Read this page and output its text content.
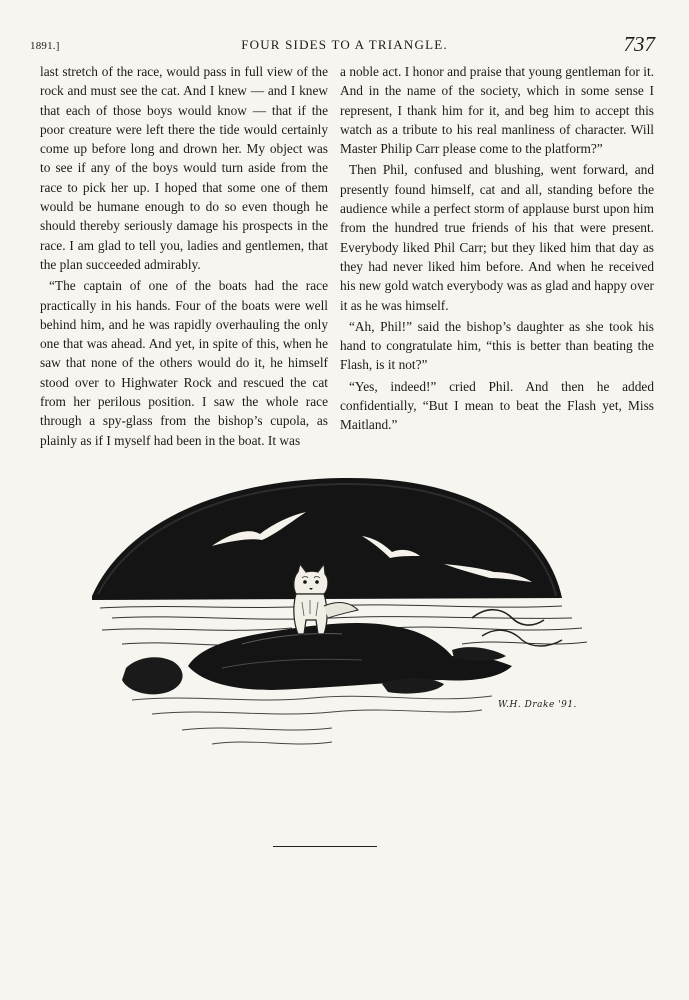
1891.]	FOUR SIDES TO A TRIANGLE.	737

last stretch of the race, would pass in full view of the rock and must see the cat. And I knew — and I knew that each of those boys would know — that if the poor creature were left there the tide would certainly come up before long and drown her. My object was to see if any of the boys would turn aside from the race to pick her up. I hoped that some one of them would be humane enough to do so even though he should thereby seriously damage his prospects in the race. I am glad to tell you, ladies and gentlemen, that the plan succeeded admirably.

“The captain of one of the boats had the race practically in his hands. Four of the boats were well behind him, and he was rapidly overhauling the only one that was ahead. And yet, in spite of this, when he saw that none of the others would do it, he himself stood over to Highwater Rock and rescued the cat from her perilous position. I saw the whole race through a spy-glass from the bishop’s cupola, as plainly as if I myself had been in the boat. It was

a noble act. I honor and praise that young gentleman for it. And in the name of the society, which in some sense I represent, I thank him for it, and beg him to accept this watch as a tribute to his real manliness of character. Will Master Philip Carr please come to the platform?”

Then Phil, confused and blushing, went forward, and presently found himself, cat and all, standing before the audience while a perfect storm of applause burst upon him from the hundred true friends of his that were present. Everybody liked Phil Carr; but they liked him that day as they had never liked him before. And when he received his new gold watch everybody was as glad and happy over it as he was himself.

“Ah, Phil!” said the bishop’s daughter as she took his hand to congratulate him, “this is better than beating the Flash, is it not?”

“Yes, indeed!” cried Phil. And then he added confidentially, “But I mean to beat the Flash yet, Miss Maitland.”

W.H. Drake '91.
